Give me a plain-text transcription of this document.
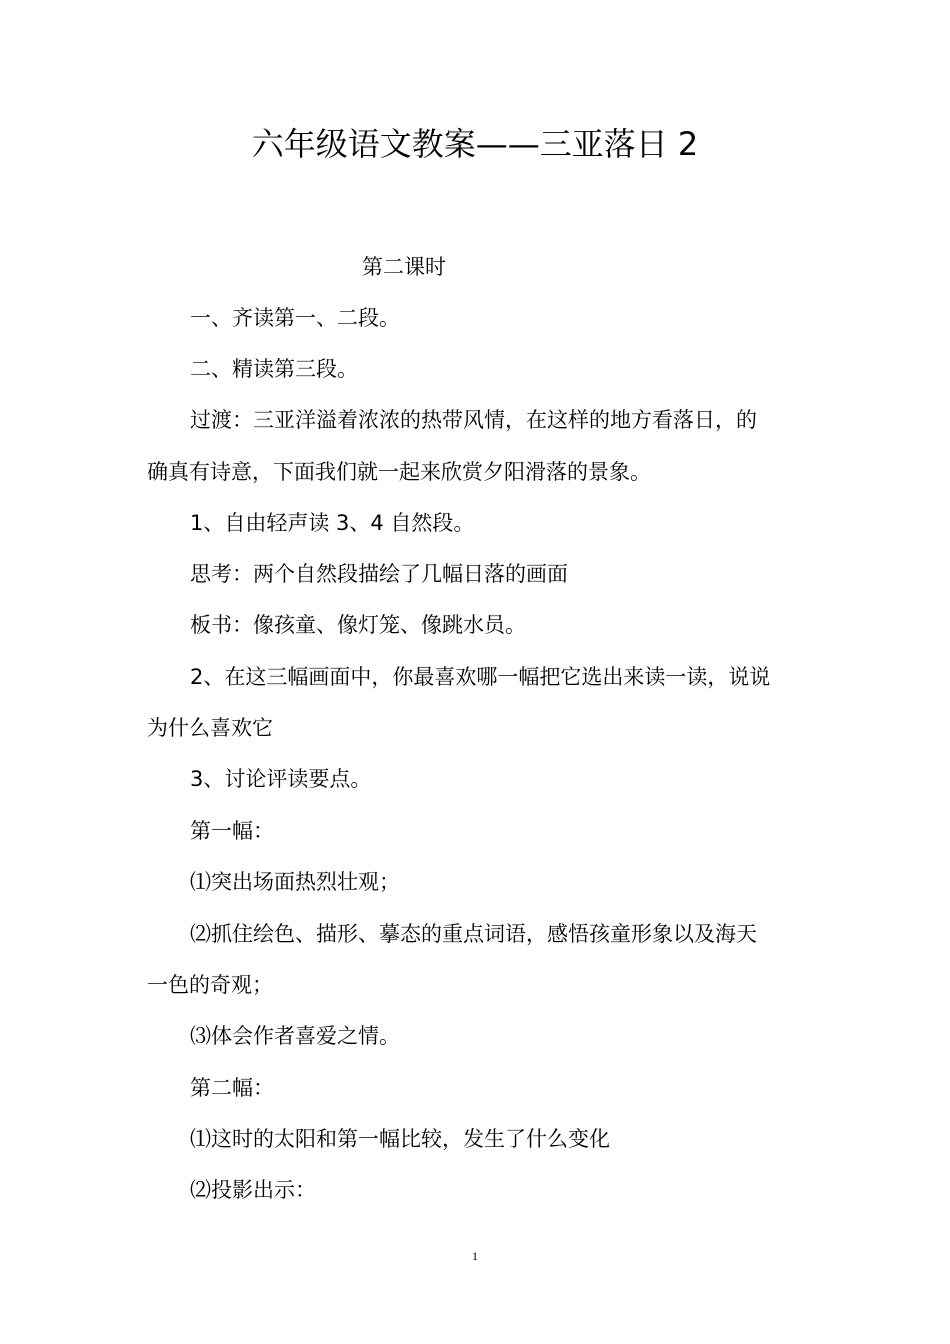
六年级语文教案——三亚落日 2
第二课时
一、齐读第一、二段。
二、精读第三段。
过渡：三亚洋溢着浓浓的热带风情，在这样的地方看落日，的
确真有诗意，下面我们就一起来欣赏夕阳滑落的景象。
1、自由轻声读 3、4 自然段。
思考：两个自然段描绘了几幅日落的画面
板书：像孩童、像灯笼、像跳水员。
2、在这三幅画面中，你最喜欢哪一幅把它选出来读一读，说说
为什么喜欢它
3、讨论评读要点。
第一幅：
⑴突出场面热烈壮观；
⑵抓住绘色、描形、摹态的重点词语，感悟孩童形象以及海天
一色的奇观；
⑶体会作者喜爱之情。
第二幅：
⑴这时的太阳和第一幅比较，发生了什么变化
⑵投影出示：
1
